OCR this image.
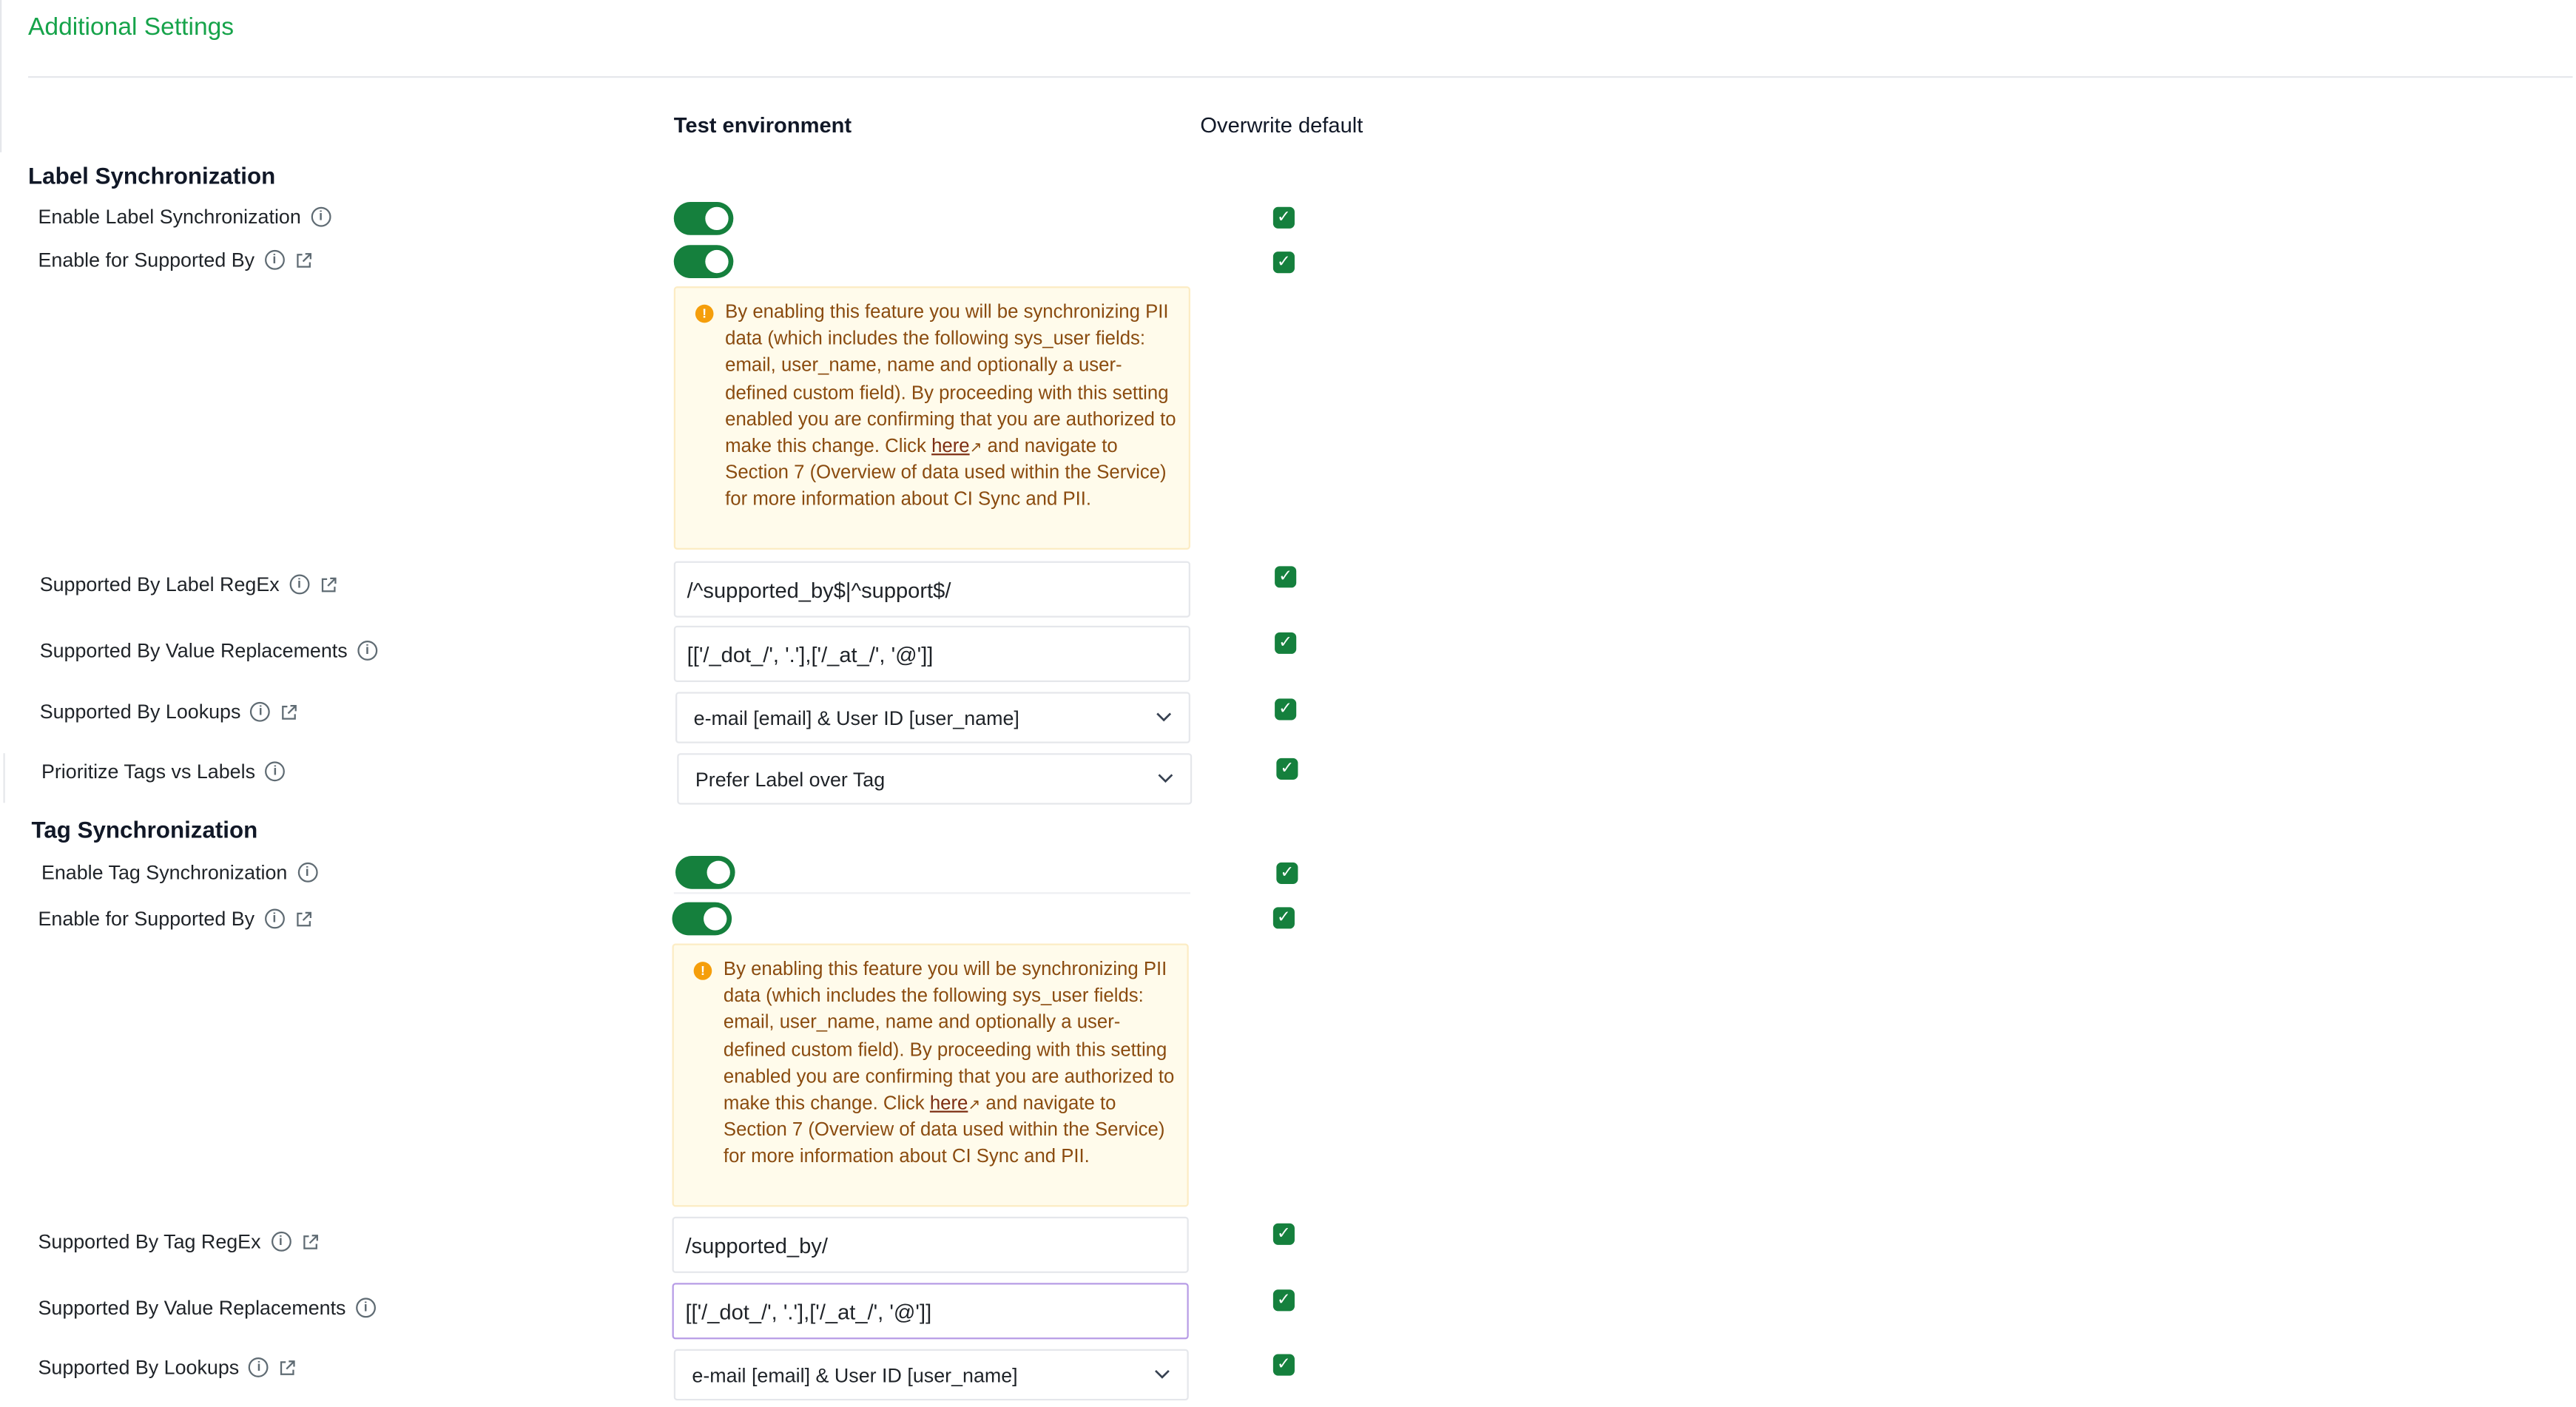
Additional Settings
Test environment	Overwrite default
Label Synchronization
Enable Label Synchronization	i	✓
Enable for Supported By	i	✓
!	By enabling this feature you will be synchronizing PII data (which includes the following sys_user fields: email, user_name, name and optionally a user-defined custom field). By proceeding with this setting enabled you are confirming that you are authorized to make this change. Click here↗ and navigate to Section 7 (Overview of data used within the Service) for more information about CI Sync and PII.
Supported By Label RegEx	i	/^supported_by$|^support$/	✓
Supported By Value Replacements	i	[['/_dot_/', '.'],['/_at_/', '@']]	✓
Supported By Lookups	i	e-mail [email] & User ID [user_name]	✓
Prioritize Tags vs Labels	i	Prefer Label over Tag	✓
Tag Synchronization
Enable Tag Synchronization	i	✓
Enable for Supported By	i	✓
!	By enabling this feature you will be synchronizing PII data (which includes the following sys_user fields: email, user_name, name and optionally a user-defined custom field). By proceeding with this setting enabled you are confirming that you are authorized to make this change. Click here↗ and navigate to Section 7 (Overview of data used within the Service) for more information about CI Sync and PII.
Supported By Tag RegEx	i	/supported_by/	✓
Supported By Value Replacements	i	[['/_dot_/', '.'],['/_at_/', '@']]	✓
Supported By Lookups	i	e-mail [email] & User ID [user_name]	✓
